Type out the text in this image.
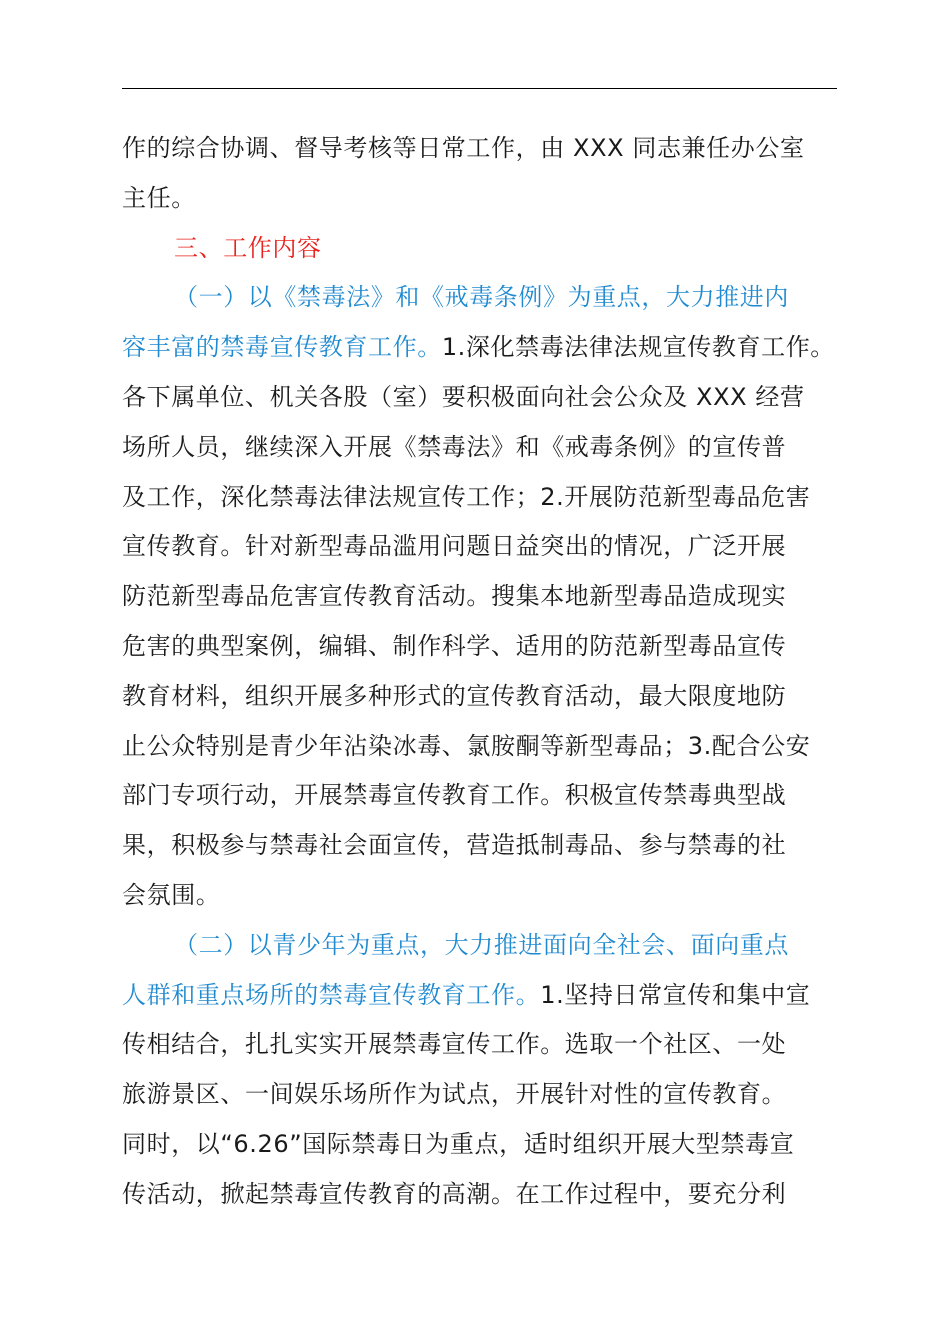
作的综合协调、督导考核等日常工作，由 XXX 同志兼任办公室
主任。
三、工作内容
（一）以《禁毒法》和《戒毒条例》为重点，大力推进内
容丰富的禁毒宣传教育工作。1.深化禁毒法律法规宣传教育工作。
各下属单位、机关各股（室）要积极面向社会公众及 XXX 经营
场所人员，继续深入开展《禁毒法》和《戒毒条例》的宣传普
及工作，深化禁毒法律法规宣传工作；2.开展防范新型毒品危害
宣传教育。针对新型毒品滥用问题日益突出的情况，广泛开展
防范新型毒品危害宣传教育活动。搜集本地新型毒品造成现实
危害的典型案例，编辑、制作科学、适用的防范新型毒品宣传
教育材料，组织开展多种形式的宣传教育活动，最大限度地防
止公众特别是青少年沾染冰毒、氯胺酮等新型毒品；3.配合公安
部门专项行动，开展禁毒宣传教育工作。积极宣传禁毒典型战
果，积极参与禁毒社会面宣传，营造抵制毒品、参与禁毒的社
会氛围。
（二）以青少年为重点，大力推进面向全社会、面向重点
人群和重点场所的禁毒宣传教育工作。1.坚持日常宣传和集中宣
传相结合，扎扎实实开展禁毒宣传工作。选取一个社区、一处
旅游景区、一间娱乐场所作为试点，开展针对性的宣传教育。
同时，以“6.26”国际禁毒日为重点，适时组织开展大型禁毒宣
传活动，掀起禁毒宣传教育的高潮。在工作过程中，要充分利
